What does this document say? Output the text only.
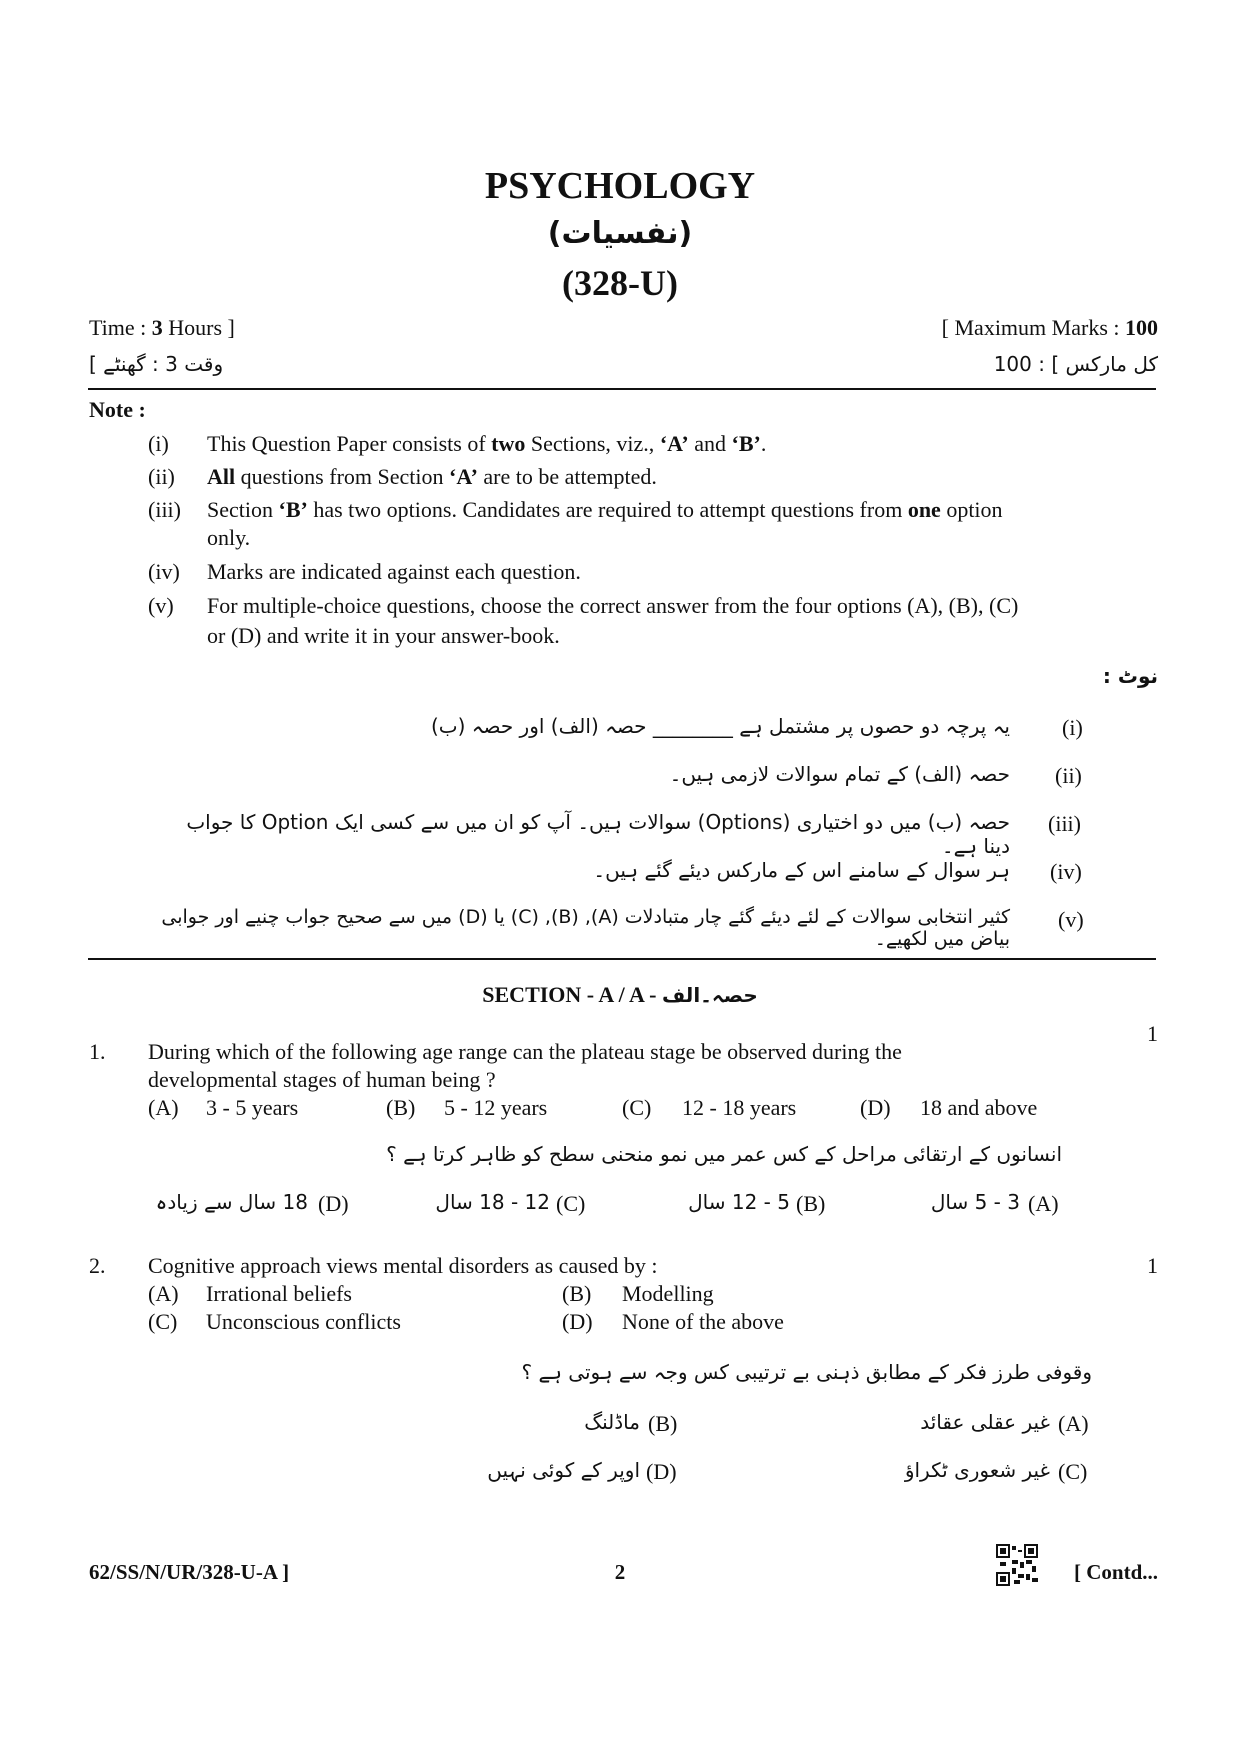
PSYCHOLOGY
(نفسیات)
(328-U)
Time : 3 Hours ]	[ Maximum Marks : 100
وقت 3 : گھنٹے ]	کل مارکس ] : 100
Note :
(i) This Question Paper consists of two Sections, viz., ‘A’ and ‘B’.
(ii) All questions from Section ‘A’ are to be attempted.
(iii) Section ‘B’ has two options. Candidates are required to attempt questions from one option
only.
(iv) Marks are indicated against each question.
(v) For multiple-choice questions, choose the correct answer from the four options (A), (B), (C)
or (D) and write it in your answer-book.
نوٹ :
(i)
یہ پرچہ دو حصوں پر مشتمل ہے ________ حصہ (الف) اور حصہ (ب)
(ii)
حصہ (الف) کے تمام سوالات لازمی ہیں۔
(iii)
حصہ (ب) میں دو اختیاری (Options) سوالات ہیں۔ آپ کو ان میں سے کسی ایک Option کا جواب دینا ہے۔
(iv)
ہر سوال کے سامنے اس کے مارکس دیئے گئے ہیں۔
(v)
کثیر انتخابی سوالات کے لئے دیئے گئے چار متبادلات (A), (B), (C) یا (D) میں سے صحیح جواب چنیے اور جوابی بیاض میں لکھیے۔
SECTION - A / A - حصہ۔الف
1.
1
During which of the following age range can the plateau stage be observed during the
developmental stages of human being ?
(A) 3 - 5 years	(B) 5 - 12 years	(C) 12 - 18 years	(D) 18 and above
انسانوں کے ارتقائی مراحل کے کس عمر میں نمو منحنی سطح کو ظاہر کرتا ہے ؟
(A)
3 - 5 سال
(B)
5 - 12 سال
(C)
12 - 18 سال
(D)
18 سال سے زیادہ
2.	1
Cognitive approach views mental disorders as caused by :
(A) Irrational beliefs	(B) Modelling
(C) Unconscious conflicts	(D) None of the above
وقوفی طرز فکر کے مطابق ذہنی بے ترتیبی کس وجہ سے ہوتی ہے ؟
(A)
غیر عقلی عقائد
(B)
ماڈلنگ
(C)
غیر شعوری ٹکراؤ
(D)
اوپر کے کوئی نہیں
62/SS/N/UR/328-U-A ]	2	[ Contd...
